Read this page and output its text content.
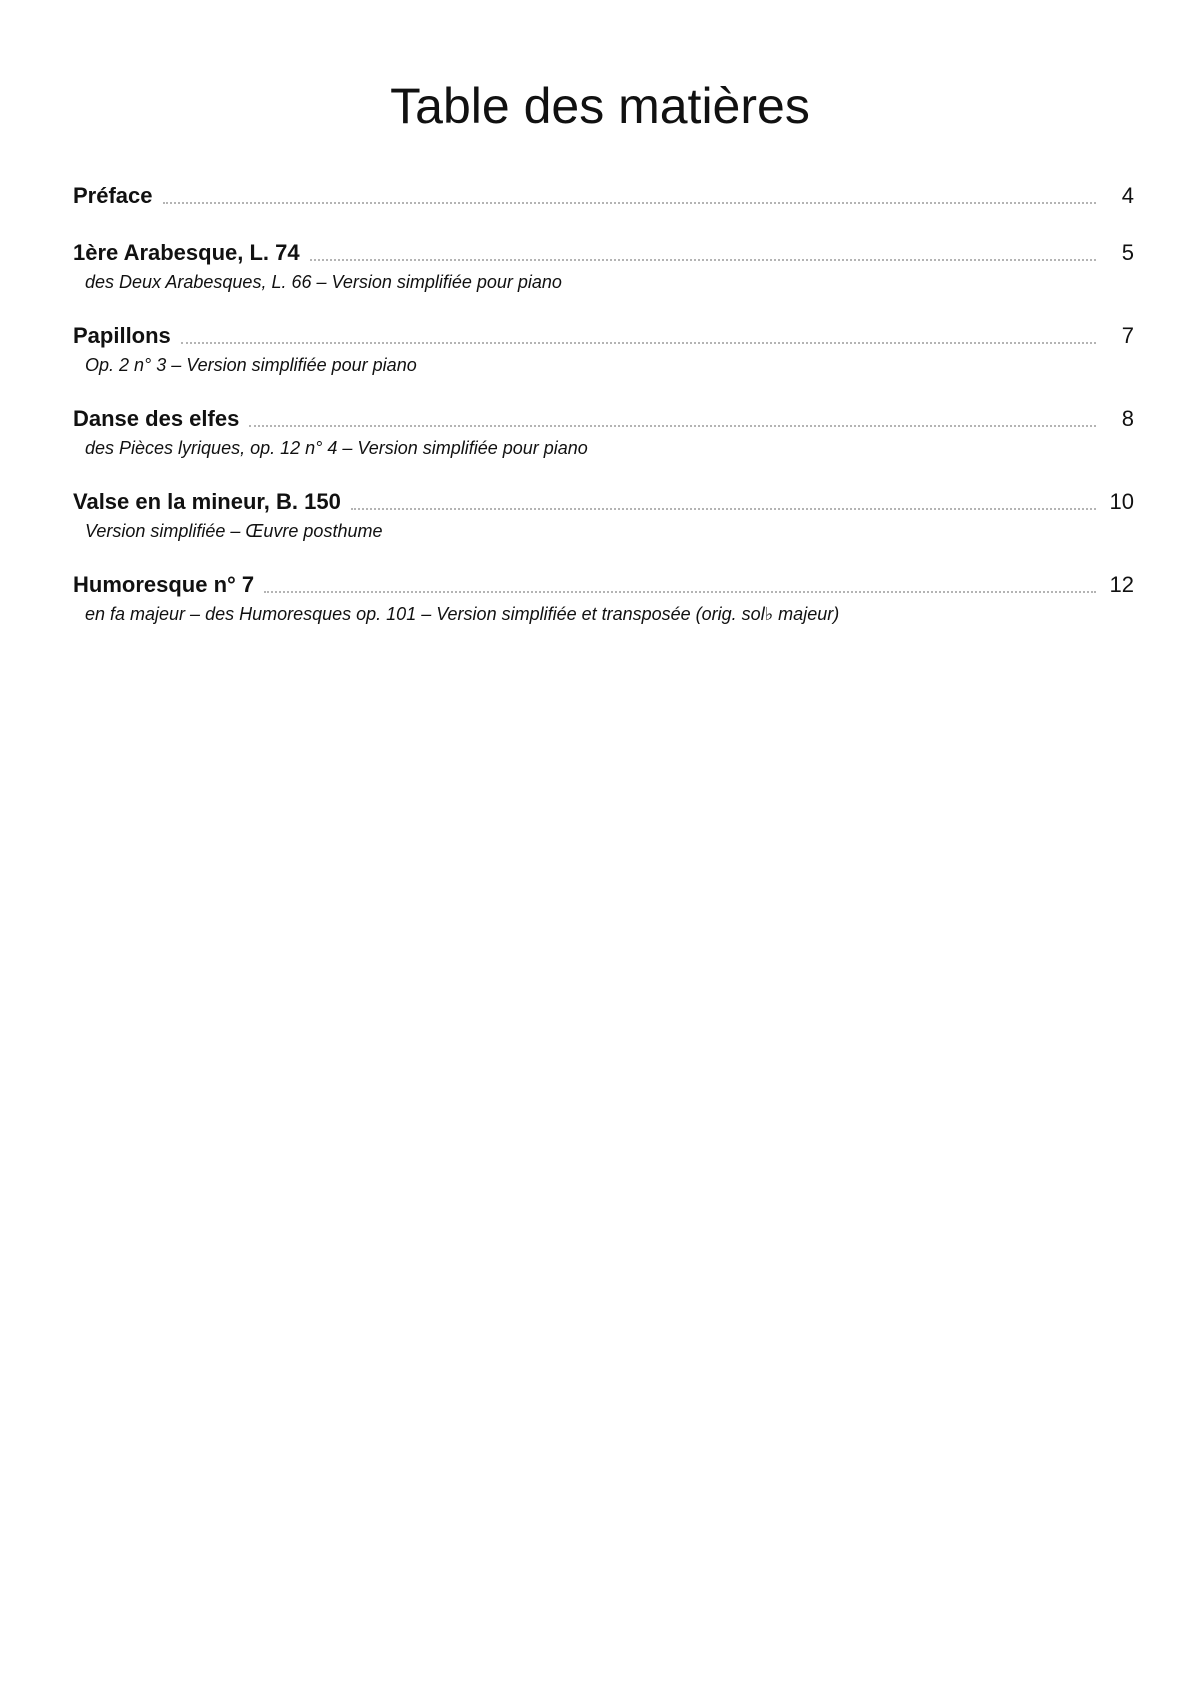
Table des matières
Préface	4
1ère Arabesque, L. 74	5
des Deux Arabesques, L. 66 – Version simplifiée pour piano
Papillons	7
Op. 2 n° 3 – Version simplifiée pour piano
Danse des elfes	8
des Pièces lyriques, op. 12 n° 4 – Version simplifiée pour piano
Valse en la mineur, B. 150	10
Version simplifiée – Œuvre posthume
Humoresque n° 7	12
en fa majeur – des Humoresques op. 101 – Version simplifiée et transposée (orig. sol♭ majeur)
